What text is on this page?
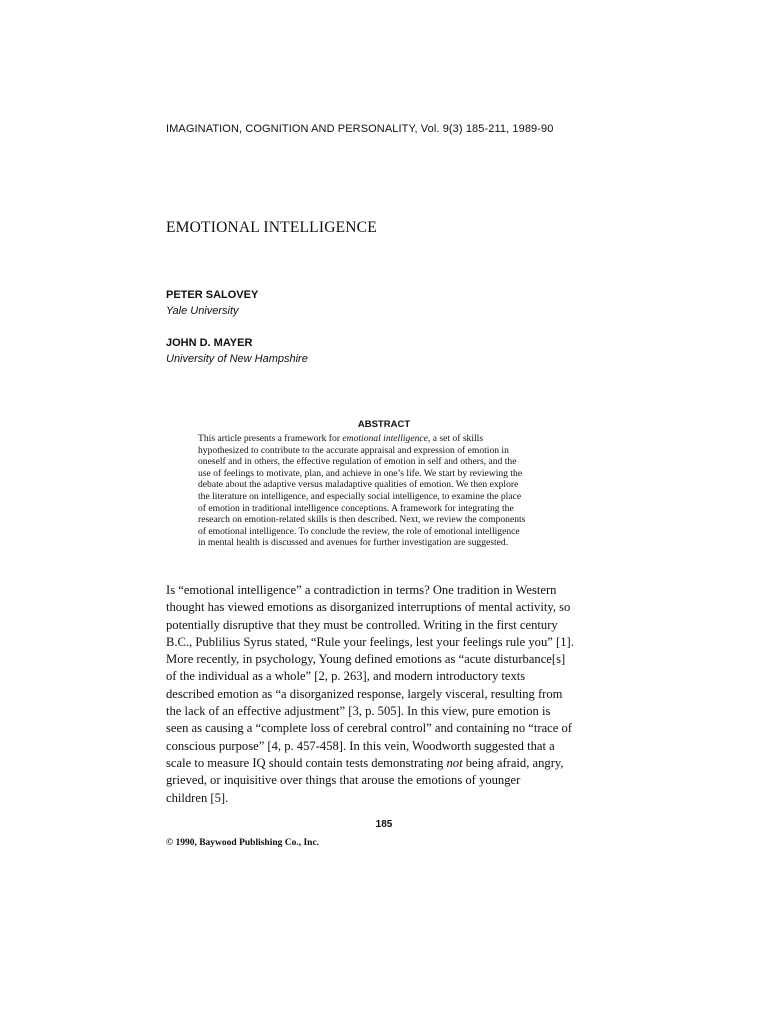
IMAGINATION, COGNITION AND PERSONALITY, Vol. 9(3) 185-211, 1989-90
EMOTIONAL INTELLIGENCE
PETER SALOVEY
Yale University
JOHN D. MAYER
University of New Hampshire
ABSTRACT
This article presents a framework for emotional intelligence, a set of skills
hypothesized to contribute to the accurate appraisal and expression of emotion in
oneself and in others, the effective regulation of emotion in self and others, and the
use of feelings to motivate, plan, and achieve in one’s life. We start by reviewing the
debate about the adaptive versus maladaptive qualities of emotion. We then explore
the literature on intelligence, and especially social intelligence, to examine the place
of emotion in traditional intelligence conceptions. A framework for integrating the
research on emotion-related skills is then described. Next, we review the components
of emotional intelligence. To conclude the review, the role of emotional intelligence
in mental health is discussed and avenues for further investigation are suggested.
Is “emotional intelligence” a contradiction in terms? One tradition in Western
thought has viewed emotions as disorganized interruptions of mental activity, so
potentially disruptive that they must be controlled. Writing in the first century
B.C., Publilius Syrus stated, “Rule your feelings, lest your feelings rule you” [1].
More recently, in psychology, Young defined emotions as “acute disturbance[s]
of the individual as a whole” [2, p. 263], and modern introductory texts
described emotion as “a disorganized response, largely visceral, resulting from
the lack of an effective adjustment” [3, p. 505]. In this view, pure emotion is
seen as causing a “complete loss of cerebral control” and containing no “trace of
conscious purpose” [4, p. 457-458]. In this vein, Woodworth suggested that a
scale to measure IQ should contain tests demonstrating not being afraid, angry,
grieved, or inquisitive over things that arouse the emotions of younger
children [5].
185
© 1990, Baywood Publishing Co., Inc.
